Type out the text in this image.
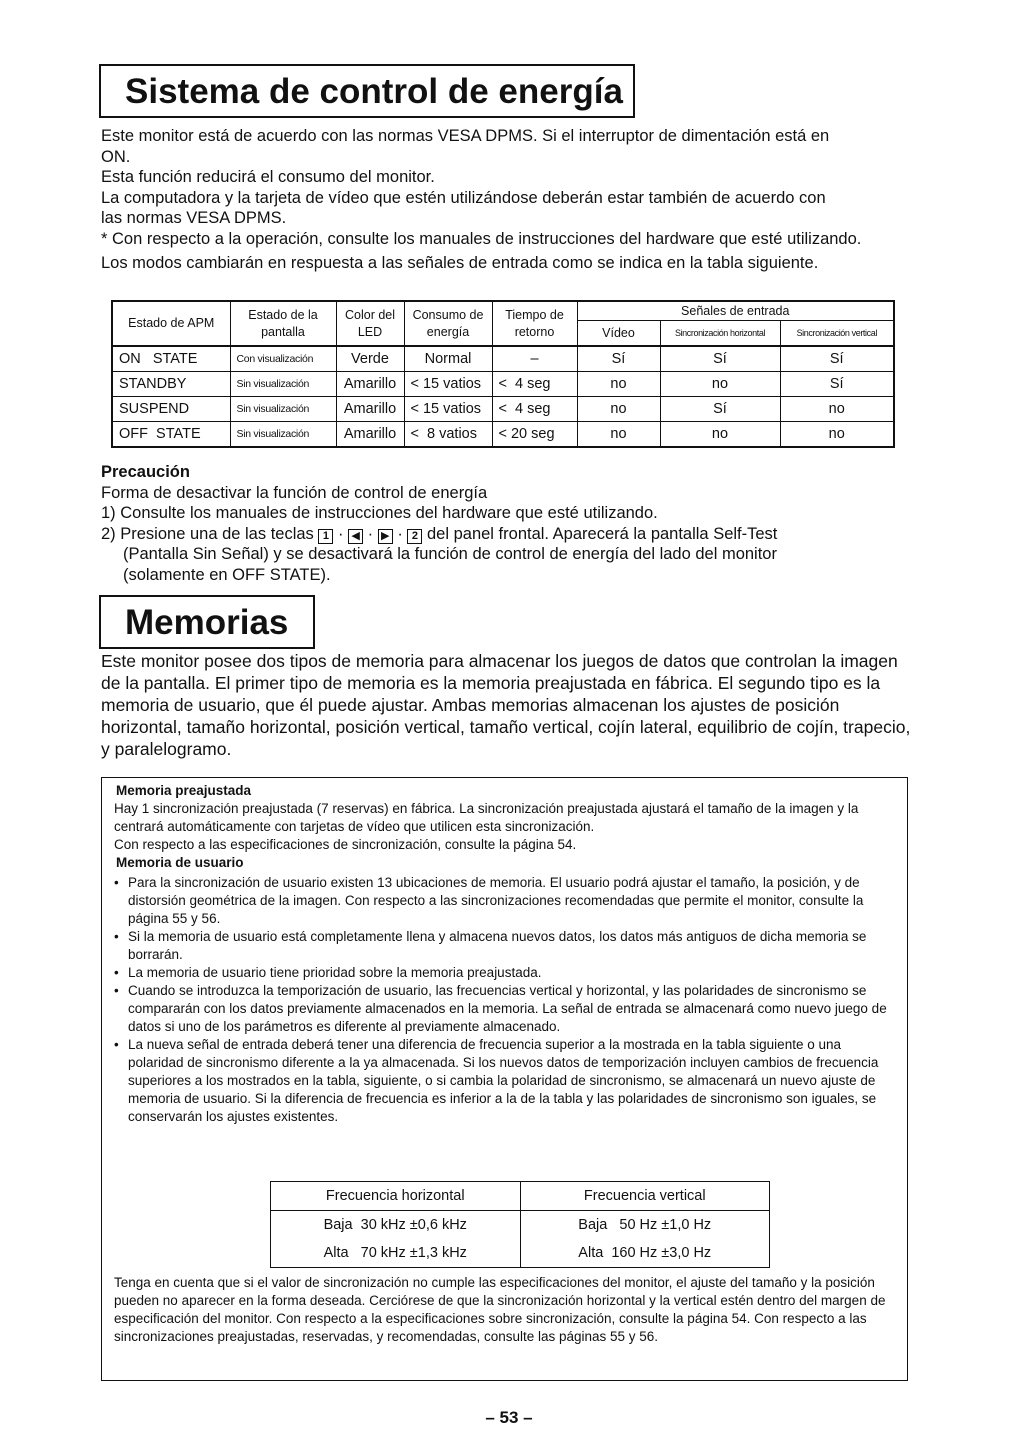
Sistema de control de energía
Este monitor está de acuerdo con las normas VESA DPMS. Si el interruptor de dimentación está en
ON.
Esta función reducirá el consumo del monitor.
La computadora y la tarjeta de vídeo que estén utilizándose deberán estar también de acuerdo con
las normas VESA DPMS.
* Con respecto a la operación, consulte los manuales de instrucciones del hardware que esté utilizando.
Los modos cambiarán en respuesta a las señales de entrada como se indica en la tabla siguiente.
Estado de APM	Estado de la pantalla	Color del LED	Consumo de energía	Tiempo de retorno	Señales de entrada		
					Vídeo	Sincronización horizontal	Sincronización vertical
ON   STATE	Con visualización	Verde	Normal	–	Sí	Sí	Sí
STANDBY	Sin visualización	Amarillo	< 15 vatios	<  4 seg	no	no	Sí
SUSPEND	Sin visualización	Amarillo	< 15 vatios	<  4 seg	no	Sí	no
OFF  STATE	Sin visualización	Amarillo	<  8 vatios	< 20 seg	no	no	no
Precaución
Forma de desactivar la función de control de energía
1) Consulte los manuales de instrucciones del hardware que esté utilizando.
2) Presione una de las teclas 1 · ◀ · ▶ · 2 del panel frontal. Aparecerá la pantalla Self-Test
(Pantalla Sin Señal) y se desactivará la función de control de energía del lado del monitor
(solamente en OFF STATE).
Memorias
Este monitor posee dos tipos de memoria para almacenar los juegos de datos que controlan la imagen de la pantalla. El primer tipo de memoria es la memoria preajustada en fábrica. El segundo tipo es la memoria de usuario, que él puede ajustar. Ambas memorias almacenan los ajustes de posición horizontal, tamaño horizontal, posición vertical, tamaño vertical, cojín lateral, equilibrio de cojín, trapecio, y paralelogramo.
Memoria preajustada
Hay 1 sincronización preajustada (7 reservas) en fábrica. La sincronización preajustada ajustará el tamaño de la imagen y la centrará automáticamente con tarjetas de vídeo que utilicen esta sincronización.
Con respecto a las especificaciones de sincronización, consulte la página 54.
Memoria de usuario
• Para la sincronización de usuario existen 13 ubicaciones de memoria. El usuario podrá ajustar el tamaño, la posición, y de distorsión geométrica de la imagen. Con respecto a las sincronizaciones recomendadas que permite el monitor, consulte la página 55 y 56.
• Si la memoria de usuario está completamente llena y almacena nuevos datos, los datos más antiguos de dicha memoria se borrarán.
• La memoria de usuario tiene prioridad sobre la memoria preajustada.
• Cuando se introduzca la temporización de usuario, las frecuencias vertical y horizontal, y las polaridades de sincronismo se compararán con los datos previamente almacenados en la memoria. La señal de entrada se almacenará como nuevo juego de datos si uno de los parámetros es diferente al previamente almacenado.
• La nueva señal de entrada deberá tener una diferencia de frecuencia superior a la mostrada en la tabla siguiente o una polaridad de sincronismo diferente a la ya almacenada. Si los nuevos datos de temporización incluyen cambios de frecuencia superiores a los mostrados en la tabla, siguiente, o si cambia la polaridad de sincronismo, se almacenará un nuevo ajuste de memoria de usuario. Si la diferencia de frecuencia es inferior a la de la tabla y las polaridades de sincronismo son iguales, se conservarán los ajustes existentes.
Frecuencia horizontal	Frecuencia vertical
Baja  30 kHz ±0,6 kHz	Baja   50 Hz ±1,0 Hz
Alta   70 kHz ±1,3 kHz	Alta  160 Hz ±3,0 Hz
Tenga en cuenta que si el valor de sincronización no cumple las especificaciones del monitor, el ajuste del tamaño y la posición pueden no aparecer en la forma deseada. Cerciórese de que la sincronización horizontal y la vertical estén dentro del margen de especificación del monitor. Con respecto a la especificaciones sobre sincronización, consulte la página 54. Con respecto a las sincronizaciones preajustadas, reservadas, y recomendadas, consulte las páginas 55 y 56.
– 53 –
